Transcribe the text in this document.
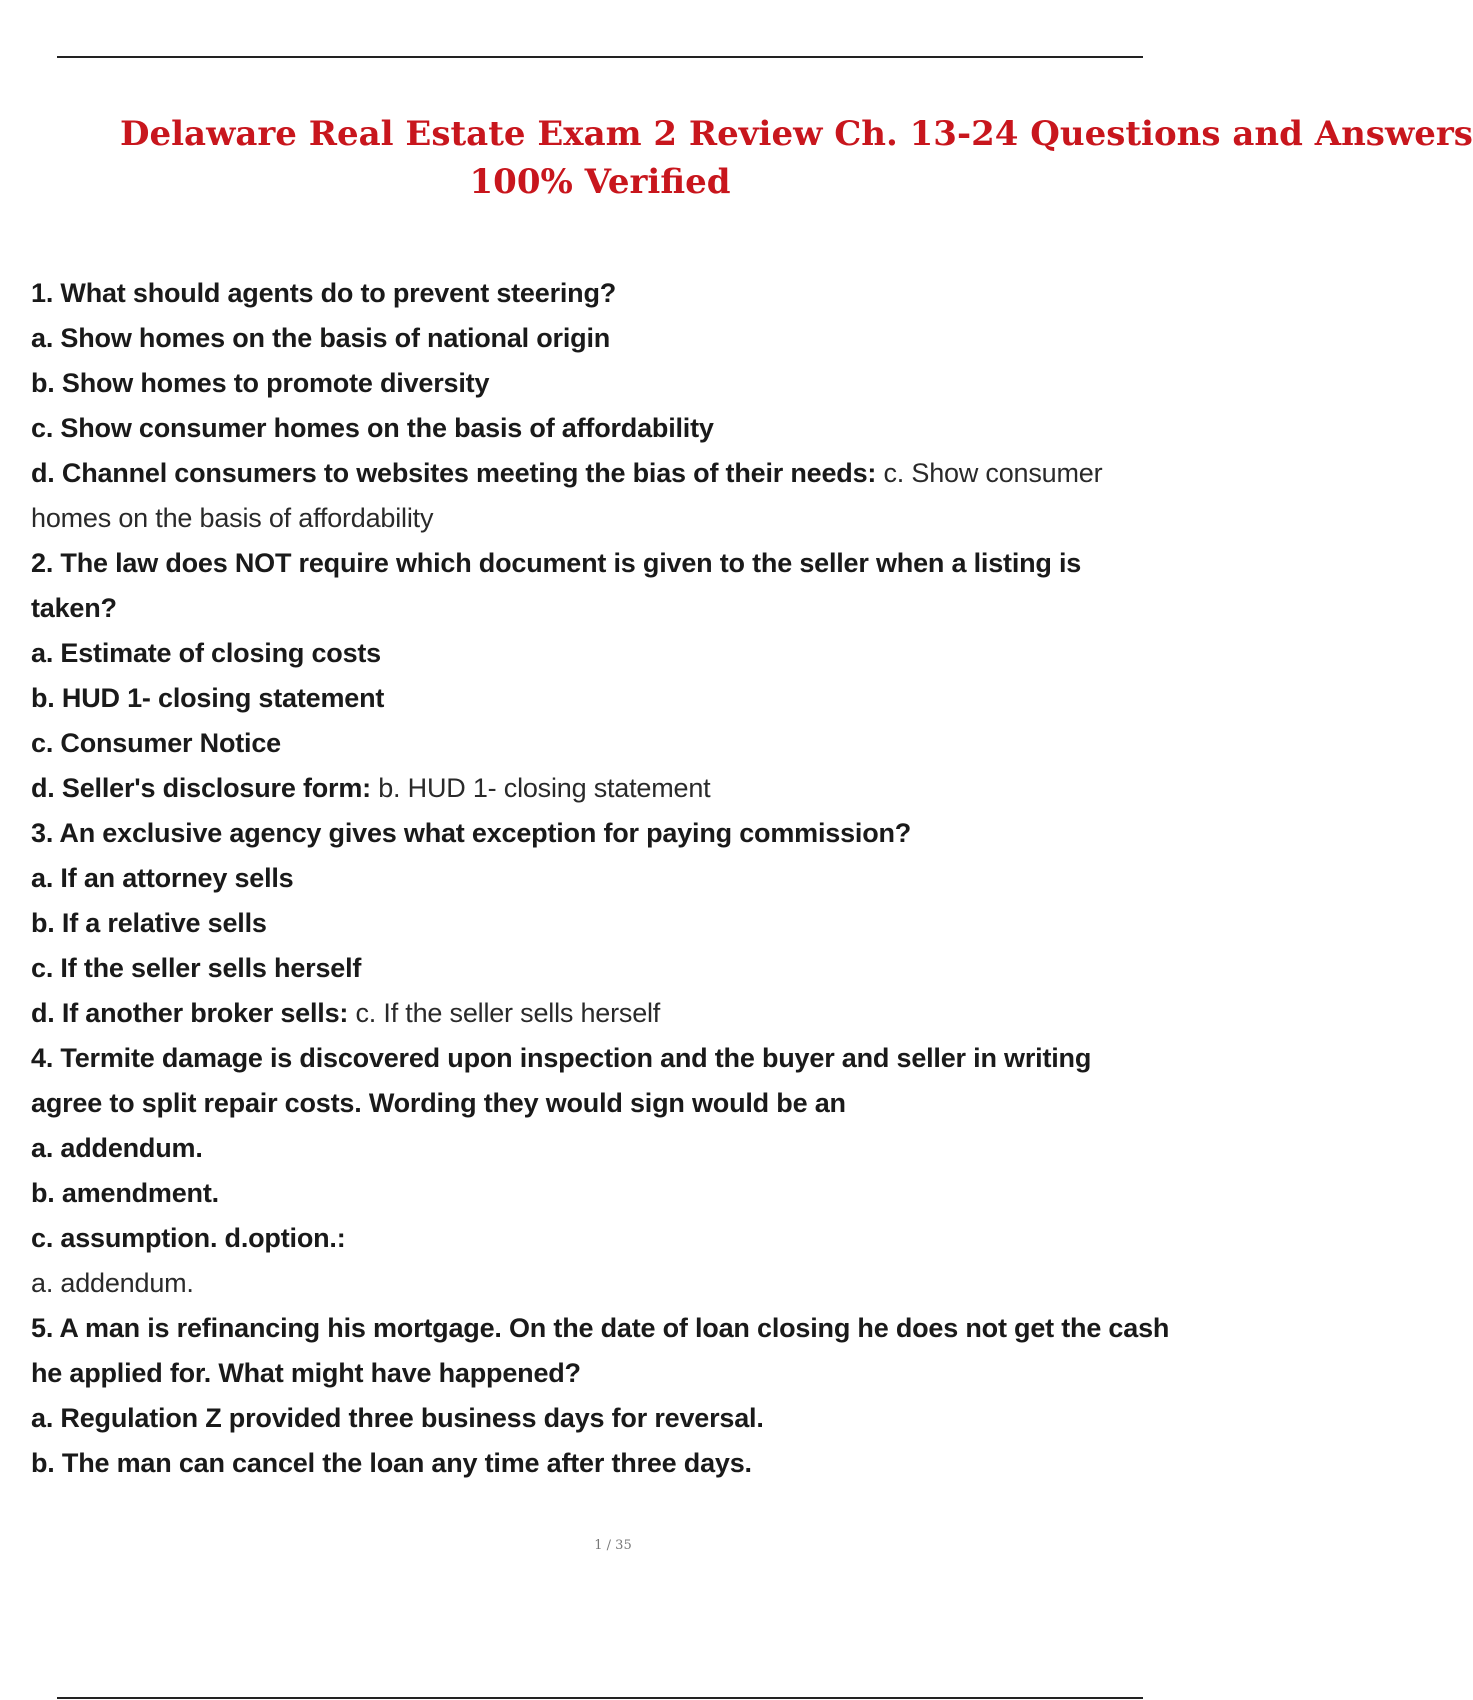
Delaware Real Estate Exam 2 Review Ch. 13-24 Questions and Answers
100% Verified
1. What should agents do to prevent steering?
a. Show homes on the basis of national origin
b. Show homes to promote diversity
c. Show consumer homes on the basis of affordability
d. Channel consumers to websites meeting the bias of their needs: c. Show consumer
homes on the basis of affordability
2. The law does NOT require which document is given to the seller when a listing is
taken?
a. Estimate of closing costs
b. HUD 1- closing statement
c. Consumer Notice
d. Seller's disclosure form: b. HUD 1- closing statement
3. An exclusive agency gives what exception for paying commission?
a. If an attorney sells
b. If a relative sells
c. If the seller sells herself
d. If another broker sells: c. If the seller sells herself
4. Termite damage is discovered upon inspection and the buyer and seller in writing
agree to split repair costs. Wording they would sign would be an
a. addendum.
b. amendment.
c. assumption. d.option.:
a. addendum.
5. A man is refinancing his mortgage. On the date of loan closing he does not get the cash
he applied for. What might have happened?
a. Regulation Z provided three business days for reversal.
b. The man can cancel the loan any time after three days.
1 / 35
